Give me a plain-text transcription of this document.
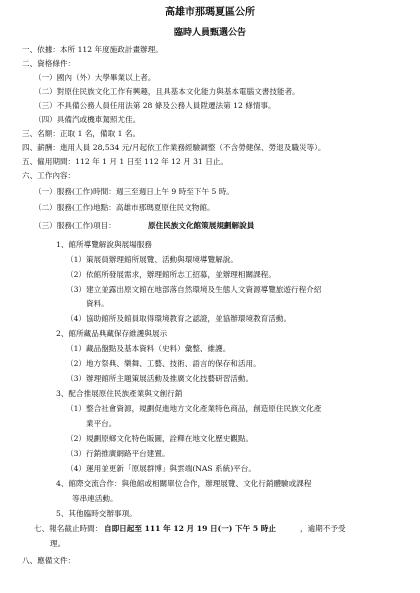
高雄市那瑪夏區公所
臨時人員甄選公告
一、依據：本所 112 年度施政計畫辦理。
二、資格條件：
（一）國內（外）大學畢業以上者。
（二）對原住民族文化工作有興趣，且具基本文化能力與基本電腦文書技能者。
（三）不具備公務人員任用法第 28 條及公務人員陞遷法第 12 條情事。
（四）具備汽或機車駕照尤佳。
三、名額：正取 1 名，備取 1 名。
四、薪酬：進用人員 28,534 元/月起依工作業務經驗調整（不含勞健保、勞退及職災等）。
五、僱用期間：112 年 1 月 1 日至 112 年 12 月 31 日止。
六、工作內容：
（一）服務(工作)時間：週三至週日上午 9 時至下午 5 時。
（二）服務(工作)地點：高雄市那瑪夏原住民文物館。
（三）服務(工作)項目：	原住民族文化館策展規劃解說員
1、館所導覽解說與展場服務
（1）策展員辦理館所展覽、活動與環境導覽解說。
（2）依館所發展需求，辦理館所志工招募，並辦理相關課程。
（3）建立並露出原文館在地部落自然環境及生態人文資源導覽旅遊行程介紹
資料。
（4）協助館所及館員取得環境教育之認證，並協辦環境教育活動。
2、館所藏品典藏保存維護與展示
（1）藏品盤點及基本資料（史料）彙整、維護。
（2）地方祭典、樂舞、工藝、技術、語言的保存和活用。
（3）辦理館所主題策展活動及推廣文化技藝研習活動。
3、配合推展原住民族產業與文創行銷
（1）整合社會資源，規劃促進地方文化產業特色商品，創造原住民族文化產
業平台。
（2）規劃原鄉文化特色販圖，詮釋在地文化歷史觀點。
（3）行銷推廣網路平台建置。
（4）運用並更新「原展群博」與雲端(NAS 系統)平台。
4、館際交流合作：與他館或相關單位合作，辦理展覽、文化行銷體驗或課程
等串連活動。
5、其他臨時交辦事項。
七、報名截止時間： 自即日起至 111 年 12 月 19 日(一) 下午 5 時止	，逾期不予受
理。
八、應備文件：
